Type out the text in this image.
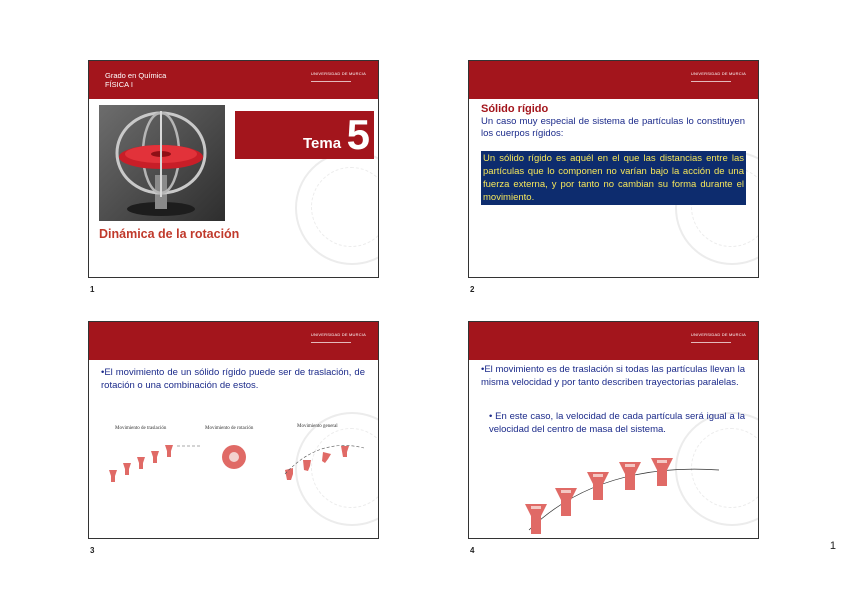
Grado en Química
FÍSICA I
UNIVERSIDAD DE MURCIA
Tema 5
Dinámica de la rotación
1
UNIVERSIDAD DE MURCIA
Sólido rígido
Un caso muy especial de sistema de partículas lo constituyen los cuerpos rígidos:
Un sólido rígido es aquél en el que las distancias entre las partículas que lo componen no varían bajo la acción de una fuerza externa, y por tanto no cambian su forma durante el movimiento.
2
UNIVERSIDAD DE MURCIA
•El movimiento de un sólido rígido puede ser de traslación, de rotación o una combinación de estos.
Movimiento de traslación	Movimiento de rotación	Movimiento general
3
UNIVERSIDAD DE MURCIA
•El movimiento es de traslación si todas las partículas llevan la misma velocidad y por tanto describen trayectorias paralelas.
• En este caso, la velocidad de cada partícula será igual a la velocidad del centro de masa del sistema.
4	1
